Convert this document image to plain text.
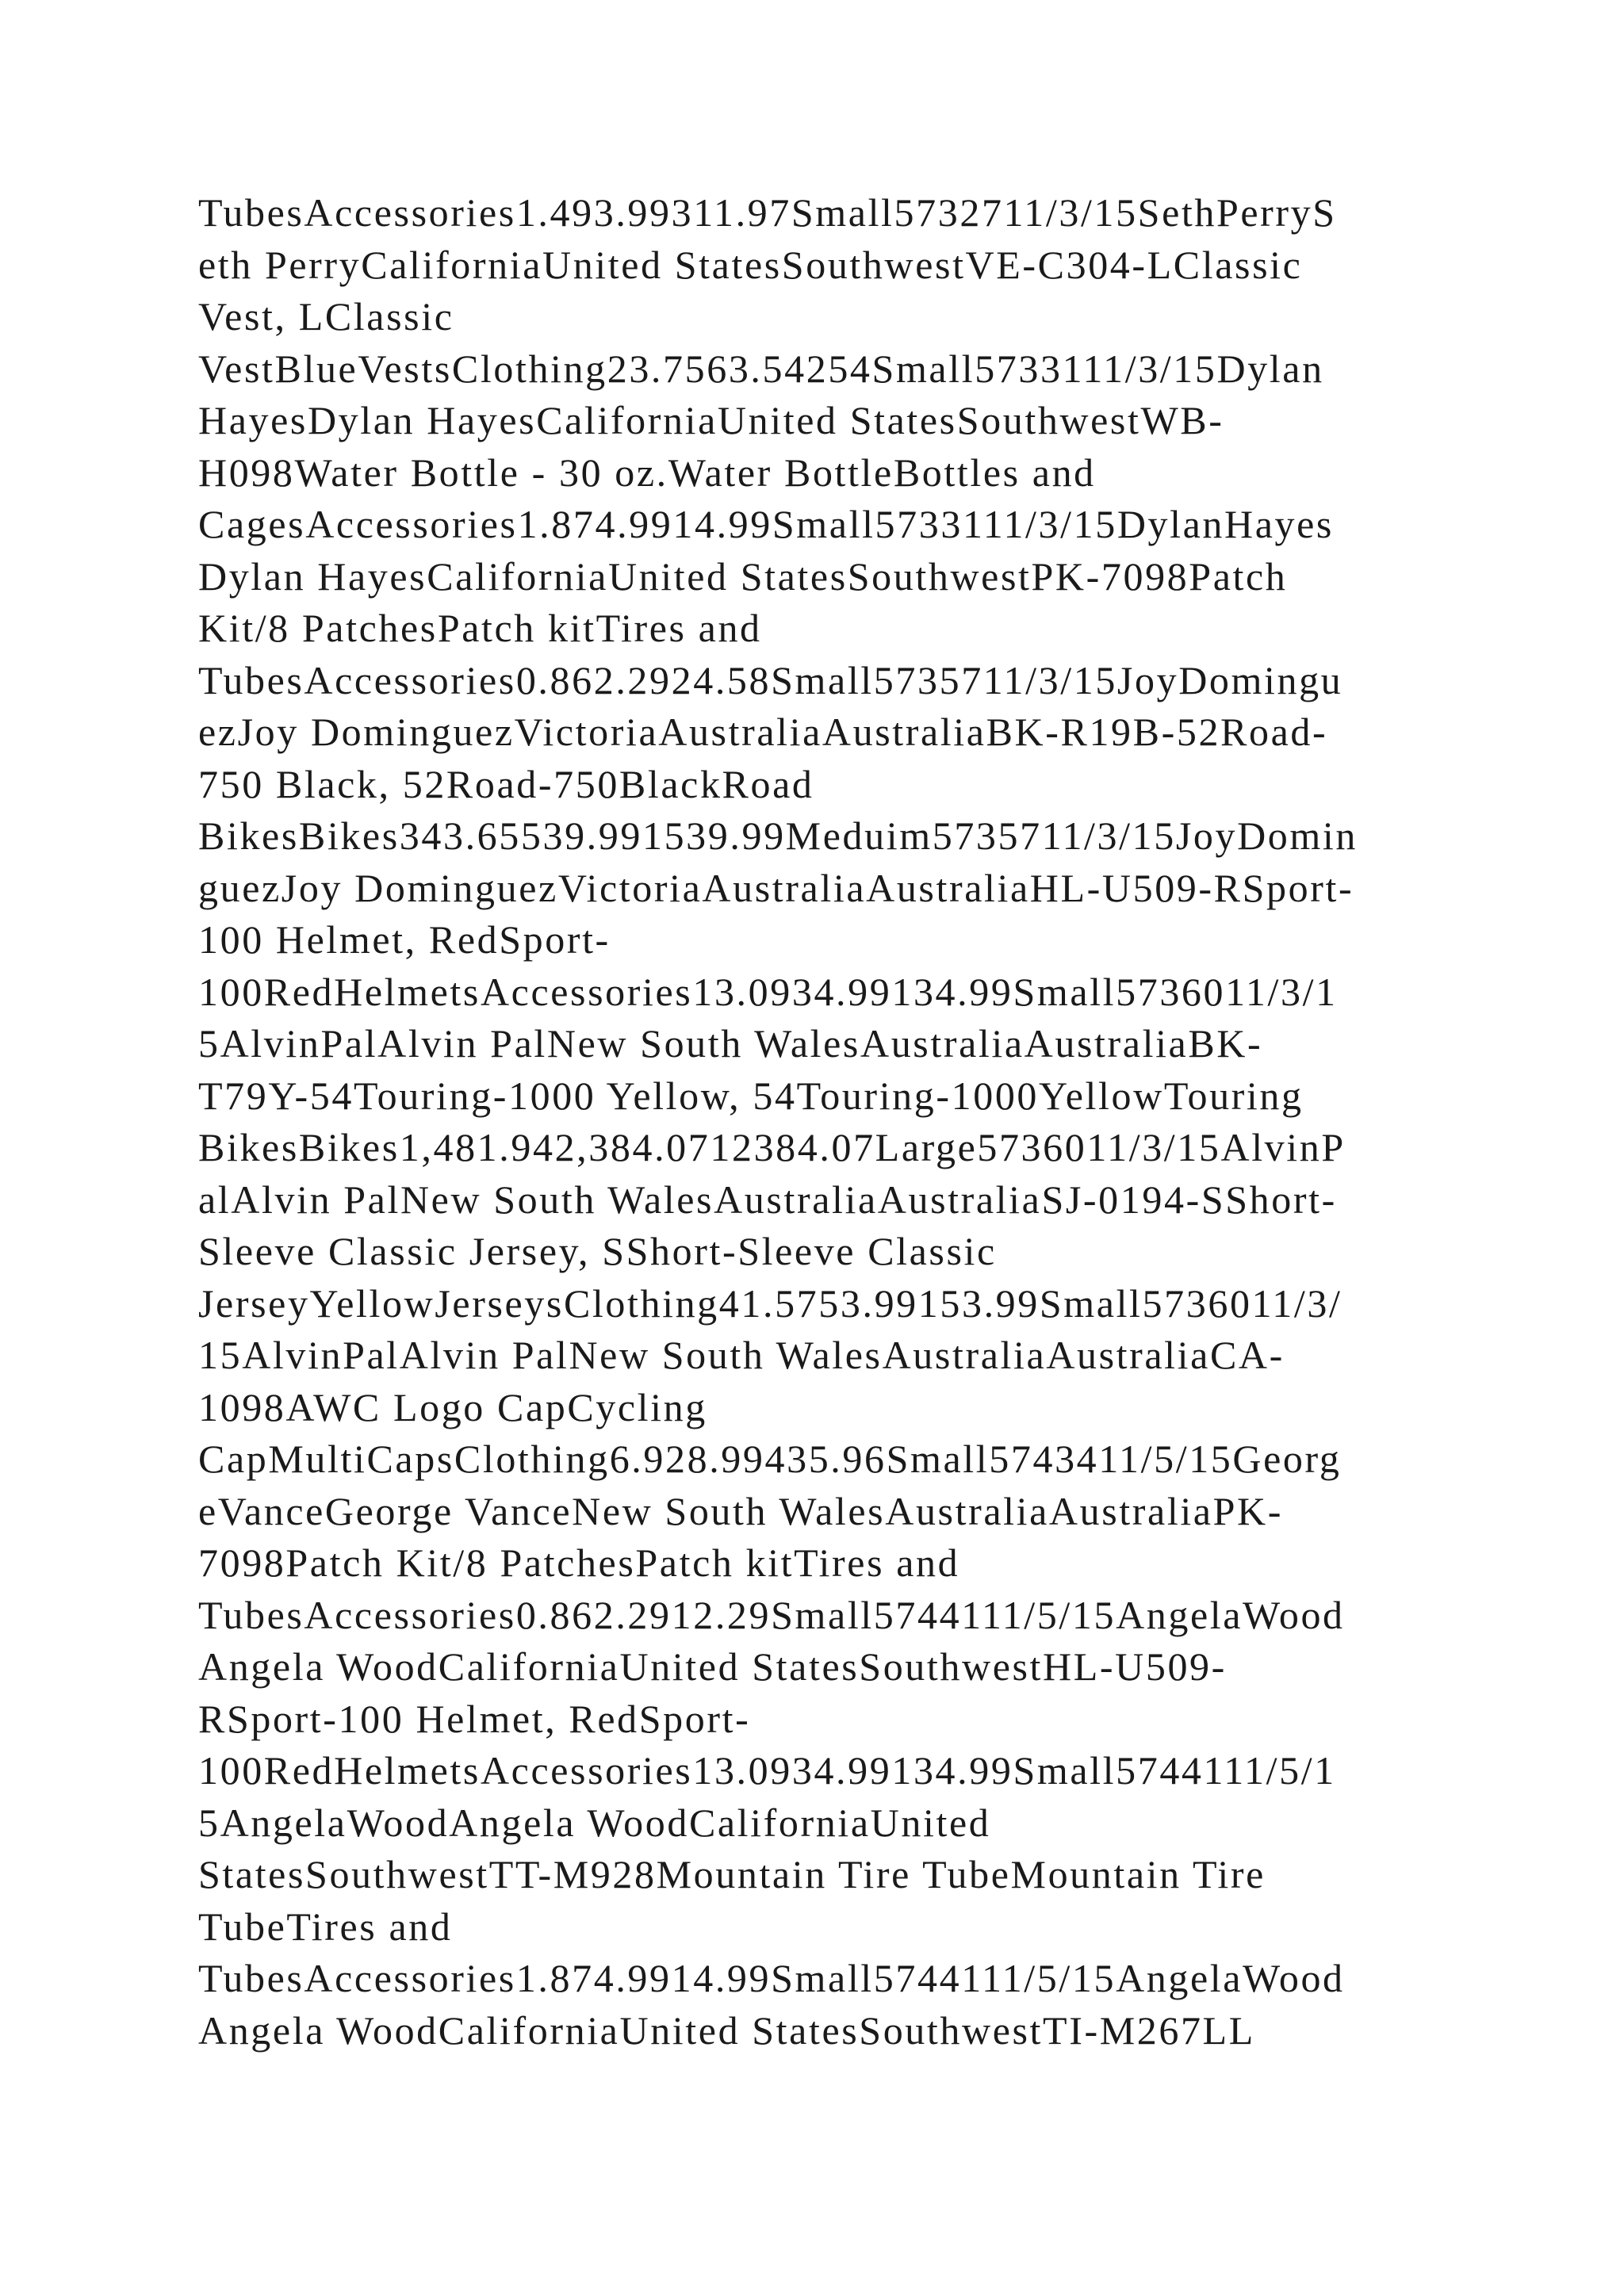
TubesAccessories1.493.99311.97Small5732711/3/15SethPerryS
eth PerryCaliforniaUnited StatesSouthwestVE-C304-LClassic
Vest, LClassic
VestBlueVestsClothing23.7563.54254Small5733111/3/15Dylan
HayesDylan HayesCaliforniaUnited StatesSouthwestWB-
H098Water Bottle - 30 oz.Water BottleBottles and
CagesAccessories1.874.9914.99Small5733111/3/15DylanHayes
Dylan HayesCaliforniaUnited StatesSouthwestPK-7098Patch
Kit/8 PatchesPatch kitTires and
TubesAccessories0.862.2924.58Small5735711/3/15JoyDomingu
ezJoy DominguezVictoriaAustraliaAustraliaBK-R19B-52Road-
750 Black, 52Road-750BlackRoad
BikesBikes343.65539.991539.99Meduim5735711/3/15JoyDomin
guezJoy DominguezVictoriaAustraliaAustraliaHL-U509-RSport-
100 Helmet, RedSport-
100RedHelmetsAccessories13.0934.99134.99Small5736011/3/1
5AlvinPalAlvin PalNew South WalesAustraliaAustraliaBK-
T79Y-54Touring-1000 Yellow, 54Touring-1000YellowTouring
BikesBikes1,481.942,384.0712384.07Large5736011/3/15AlvinP
alAlvin PalNew South WalesAustraliaAustraliaSJ-0194-SShort-
Sleeve Classic Jersey, SShort-Sleeve Classic
JerseyYellowJerseysClothing41.5753.99153.99Small5736011/3/
15AlvinPalAlvin PalNew South WalesAustraliaAustraliaCA-
1098AWC Logo CapCycling
CapMultiCapsClothing6.928.99435.96Small5743411/5/15Georg
eVanceGeorge VanceNew South WalesAustraliaAustraliaPK-
7098Patch Kit/8 PatchesPatch kitTires and
TubesAccessories0.862.2912.29Small5744111/5/15AngelaWood
Angela WoodCaliforniaUnited StatesSouthwestHL-U509-
RSport-100 Helmet, RedSport-
100RedHelmetsAccessories13.0934.99134.99Small5744111/5/1
5AngelaWoodAngela WoodCaliforniaUnited
StatesSouthwestTT-M928Mountain Tire TubeMountain Tire
TubeTires and
TubesAccessories1.874.9914.99Small5744111/5/15AngelaWood
Angela WoodCaliforniaUnited StatesSouthwestTI-M267LL
